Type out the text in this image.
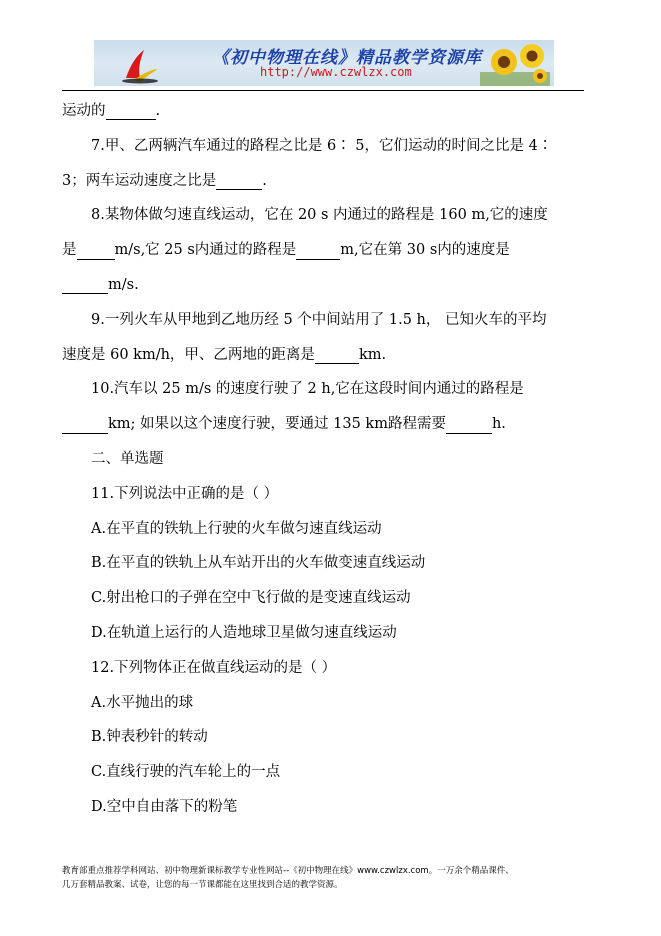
《初中物理在线》精品教学资源库
http://www.czwlzx.com
运动的	.
7.甲、乙两辆汽车通过的路程之比是 6∶ 5，它们运动的时间之比是 4∶
3；两车运动速度之比是	.
8.某物体做匀速直线运动，它在 20 s 内通过的路程是 160 m,它的速度
是	m/s,它 25 s内通过的路程是	m,它在第 30 s内的速度是
m/s.
9.一列火车从甲地到乙地历经 5 个中间站用了 1.5 h， 已知火车的平均
速度是 60 km/h，甲、乙两地的距离是	km.
10.汽车以 25 m/s 的速度行驶了 2 h,它在这段时间内通过的路程是
km; 如果以这个速度行驶，要通过 135 km路程需要	h.
二、单选题
11.下列说法中正确的是（ ）
A.在平直的铁轨上行驶的火车做匀速直线运动
B.在平直的铁轨上从车站开出的火车做变速直线运动
C.射出枪口的子弹在空中飞行做的是变速直线运动
D.在轨道上运行的人造地球卫星做匀速直线运动
12.下列物体正在做直线运动的是（ ）
A.水平抛出的球
B.钟表秒针的转动
C.直线行驶的汽车轮上的一点
D.空中自由落下的粉笔
教育部重点推荐学科网站、初中物理新课标教学专业性网站--《初中物理在线》www.czwlzx.com。一万余个精品课件、
几万套精品教案、试卷，让您的每一节课都能在这里找到合适的教学资源。
